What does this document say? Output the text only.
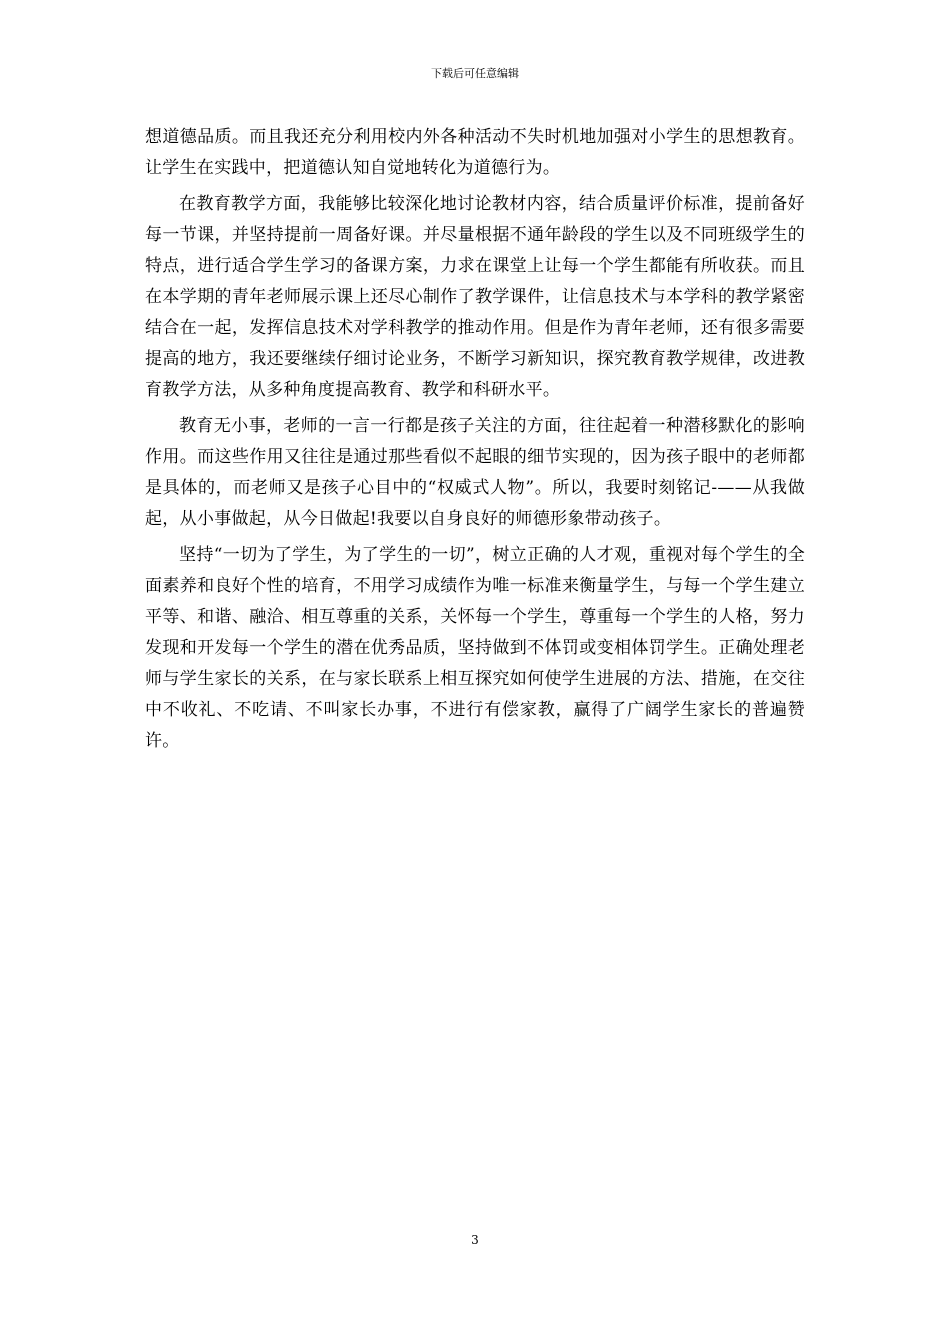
下载后可任意编辑

想道德品质。而且我还充分利用校内外各种活动不失时机地加强对小学生的思想教育。让学生在实践中，把道德认知自觉地转化为道德行为。

在教育教学方面，我能够比较深化地讨论教材内容，结合质量评价标准，提前备好每一节课，并坚持提前一周备好课。并尽量根据不通年龄段的学生以及不同班级学生的特点，进行适合学生学习的备课方案，力求在课堂上让每一个学生都能有所收获。而且在本学期的青年老师展示课上还尽心制作了教学课件，让信息技术与本学科的教学紧密结合在一起，发挥信息技术对学科教学的推动作用。但是作为青年老师，还有很多需要提高的地方，我还要继续仔细讨论业务，不断学习新知识，探究教育教学规律，改进教育教学方法，从多种角度提高教育、教学和科研水平。

教育无小事，老师的一言一行都是孩子关注的方面，往往起着一种潜移默化的影响作用。而这些作用又往往是通过那些看似不起眼的细节实现的，因为孩子眼中的老师都是具体的，而老师又是孩子心目中的“权威式人物”。所以，我要时刻铭记-——从我做起，从小事做起，从今日做起!我要以自身良好的师德形象带动孩子。

坚持“一切为了学生，为了学生的一切”，树立正确的人才观，重视对每个学生的全面素养和良好个性的培育，不用学习成绩作为唯一标准来衡量学生，与每一个学生建立平等、和谐、融洽、相互尊重的关系，关怀每一个学生，尊重每一个学生的人格，努力发现和开发每一个学生的潜在优秀品质，坚持做到不体罚或变相体罚学生。正确处理老师与学生家长的关系，在与家长联系上相互探究如何使学生进展的方法、措施，在交往中不收礼、不吃请、不叫家长办事，不进行有偿家教，赢得了广阔学生家长的普遍赞许。

3
